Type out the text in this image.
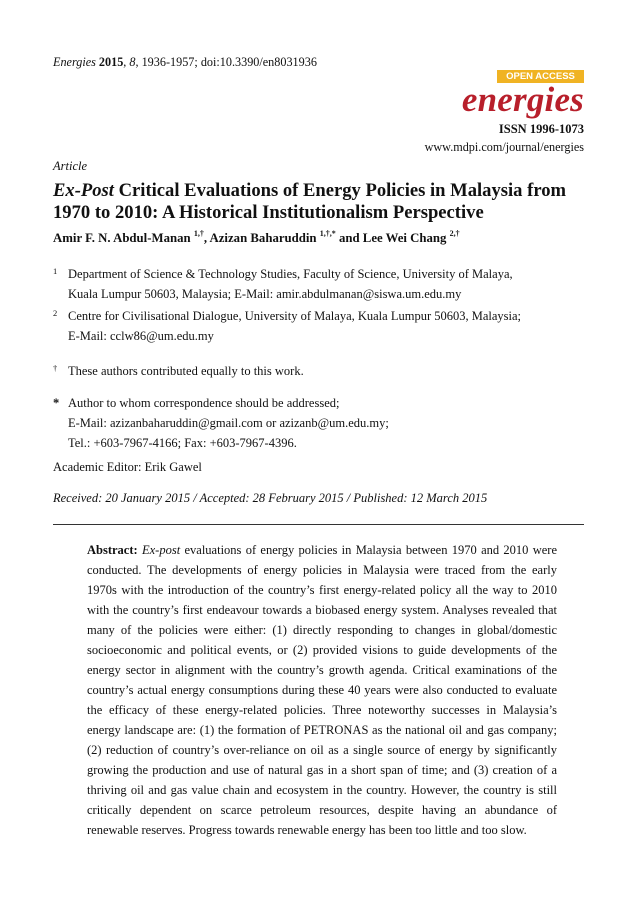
Energies 2015, 8, 1936-1957; doi:10.3390/en8031936
OPEN ACCESS
energies
ISSN 1996-1073
www.mdpi.com/journal/energies
Article
Ex-Post Critical Evaluations of Energy Policies in Malaysia from 1970 to 2010: A Historical Institutionalism Perspective
Amir F. N. Abdul-Manan $^{1,\dagger}$, Azizan Baharuddin $^{1,\dagger,*}$ and Lee Wei Chang $^{2,\dagger}$
1 Department of Science & Technology Studies, Faculty of Science, University of Malaya,
Kuala Lumpur 50603, Malaysia; E-Mail: amir.abdulmanan@siswa.um.edu.my
2 Centre for Civilisational Dialogue, University of Malaya, Kuala Lumpur 50603, Malaysia;
E-Mail: cclw86@um.edu.my
† These authors contributed equally to this work.
* Author to whom correspondence should be addressed;
E-Mail: azizanbaharuddin@gmail.com or azizanb@um.edu.my;
Tel.: +603-7967-4166; Fax: +603-7967-4396.
Academic Editor: Erik Gawel
Received: 20 January 2015 / Accepted: 28 February 2015 / Published: 12 March 2015
Abstract: Ex-post evaluations of energy policies in Malaysia between 1970 and 2010 were conducted. The developments of energy policies in Malaysia were traced from the early 1970s with the introduction of the country’s first energy-related policy all the way to 2010 with the country’s first endeavour towards a biobased energy system. Analyses revealed that many of the policies were either: (1) directly responding to changes in global/domestic socioeconomic and political events, or (2) provided visions to guide developments of the energy sector in alignment with the country’s growth agenda. Critical examinations of the country’s actual energy consumptions during these 40 years were also conducted to evaluate the efficacy of these energy-related policies. Three noteworthy successes in Malaysia’s energy landscape are: (1) the formation of PETRONAS as the national oil and gas company; (2) reduction of country’s over-reliance on oil as a single source of energy by significantly growing the production and use of natural gas in a short span of time; and (3) creation of a thriving oil and gas value chain and ecosystem in the country. However, the country is still critically dependent on scarce petroleum resources, despite having an abundance of renewable reserves. Progress towards renewable energy has been too little and too slow.
